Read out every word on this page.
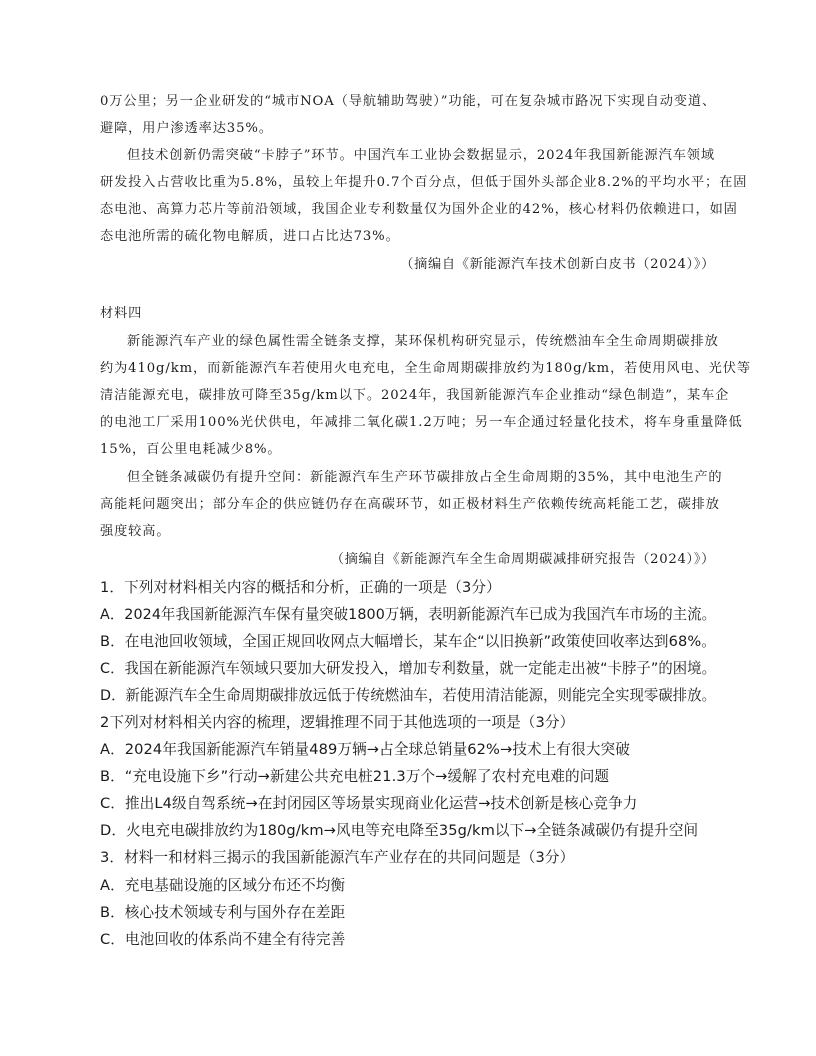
0万公里；另一企业研发的“城市NOA（导航辅助驾驶）”功能，可在复杂城市路况下实现自动变道、
避障，用户渗透率达35%。
但技术创新仍需突破“卡脖子”环节。中国汽车工业协会数据显示，2024年我国新能源汽车领域
研发投入占营收比重为5.8%，虽较上年提升0.7个百分点，但低于国外头部企业8.2%的平均水平；在固
态电池、高算力芯片等前沿领域，我国企业专利数量仅为国外企业的42%，核心材料仍依赖进口，如固
态电池所需的硫化物电解质，进口占比达73%。
（摘编自《新能源汽车技术创新白皮书（2024）》）
材料四
新能源汽车产业的绿色属性需全链条支撑，某环保机构研究显示，传统燃油车全生命周期碳排放
约为410g/km，而新能源汽车若使用火电充电，全生命周期碳排放约为180g/km，若使用风电、光伏等
清洁能源充电，碳排放可降至35g/km以下。2024年，我国新能源汽车企业推动“绿色制造”，某车企
的电池工厂采用100%光伏供电，年减排二氧化碳1.2万吨；另一车企通过轻量化技术，将车身重量降低
15%，百公里电耗减少8%。
但全链条减碳仍有提升空间：新能源汽车生产环节碳排放占全生命周期的35%，其中电池生产的
高能耗问题突出；部分车企的供应链仍存在高碳环节，如正极材料生产依赖传统高耗能工艺，碳排放
强度较高。
（摘编自《新能源汽车全生命周期碳减排研究报告（2024）》）
1．下列对材料相关内容的概括和分析，正确的一项是（3分）
A．2024年我国新能源汽车保有量突破1800万辆，表明新能源汽车已成为我国汽车市场的主流。
B．在电池回收领域，全国正规回收网点大幅增长，某车企“以旧换新”政策使回收率达到68%。
C．我国在新能源汽车领域只要加大研发投入，增加专利数量，就一定能走出被“卡脖子”的困境。
D．新能源汽车全生命周期碳排放远低于传统燃油车，若使用清洁能源，则能完全实现零碳排放。
2下列对材料相关内容的梳理，逻辑推理不同于其他选项的一项是（3分）
A．2024年我国新能源汽车销量489万辆→占全球总销量62%→技术上有很大突破
B．“充电设施下乡”行动→新建公共充电桩21.3万个→缓解了农村充电难的问题
C．推出L4级自驾系统→在封闭园区等场景实现商业化运营→技术创新是核心竞争力
D．火电充电碳排放约为180g/km→风电等充电降至35g/km以下→全链条减碳仍有提升空间
3．材料一和材料三揭示的我国新能源汽车产业存在的共同问题是（3分）
A．充电基础设施的区域分布还不均衡
B．核心技术领域专利与国外存在差距
C．电池回收的体系尚不建全有待完善
